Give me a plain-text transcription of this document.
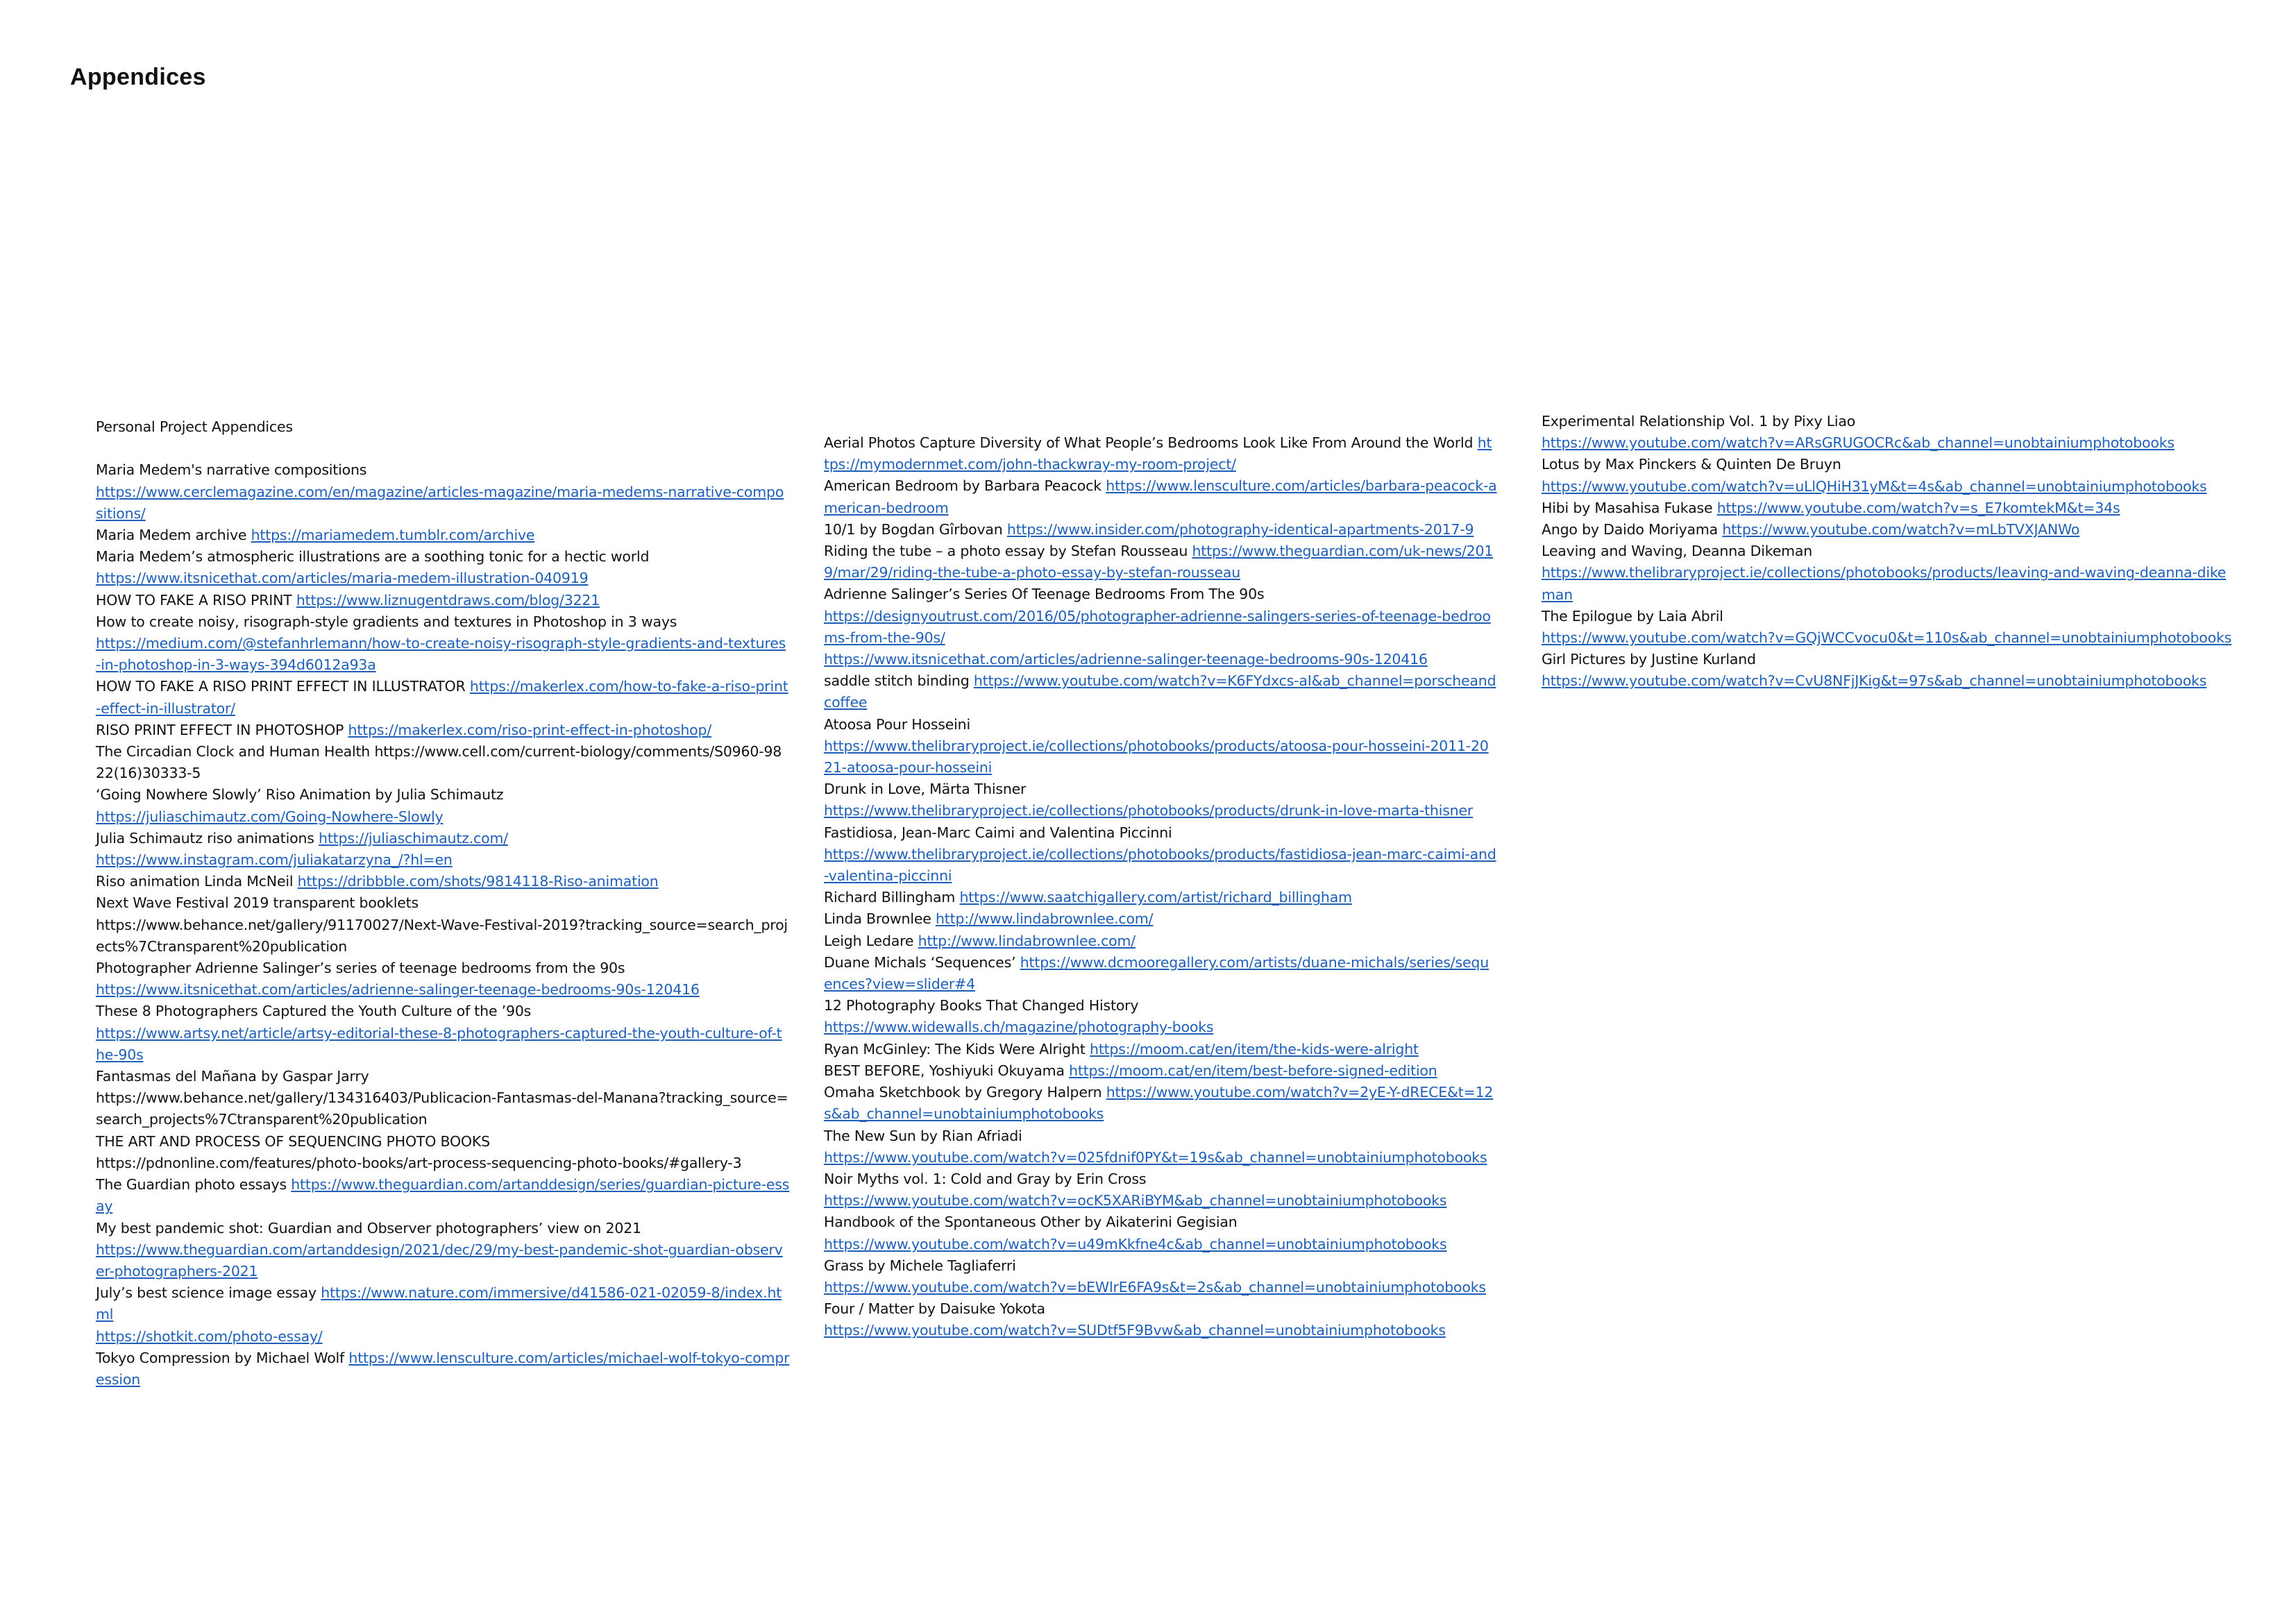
Appendices
Personal Project Appendices
Maria Medem's narrative compositions
https://www.cerclemagazine.com/en/magazine/articles-magazine/maria-medems-narrative-compositions/
Maria Medem archive https://mariamedem.tumblr.com/archive
Maria Medem’s atmospheric illustrations are a soothing tonic for a hectic world
https://www.itsnicethat.com/articles/maria-medem-illustration-040919
HOW TO FAKE A RISO PRINT https://www.liznugentdraws.com/blog/3221
How to create noisy, risograph-style gradients and textures in Photoshop in 3 ways
https://medium.com/@stefanhrlemann/how-to-create-noisy-risograph-style-gradients-and-textures-in-photoshop-in-3-ways-394d6012a93a
HOW TO FAKE A RISO PRINT EFFECT IN ILLUSTRATOR https://makerlex.com/how-to-fake-a-riso-print-effect-in-illustrator/
RISO PRINT EFFECT IN PHOTOSHOP https://makerlex.com/riso-print-effect-in-photoshop/
The Circadian Clock and Human Health https://www.cell.com/current-biology/comments/S0960-9822(16)30333-5
‘Going Nowhere Slowly’ Riso Animation by Julia Schimautz
https://juliaschimautz.com/Going-Nowhere-Slowly
Julia Schimautz riso animations https://juliaschimautz.com/
https://www.instagram.com/juliakatarzyna_/?hl=en
Riso animation Linda McNeil https://dribbble.com/shots/9814118-Riso-animation
Next Wave Festival 2019 transparent booklets
https://www.behance.net/gallery/91170027/Next-Wave-Festival-2019?tracking_source=search_projects%7Ctransparent%20publication
Photographer Adrienne Salinger’s series of teenage bedrooms from the 90s
https://www.itsnicethat.com/articles/adrienne-salinger-teenage-bedrooms-90s-120416
These 8 Photographers Captured the Youth Culture of the ’90s
https://www.artsy.net/article/artsy-editorial-these-8-photographers-captured-the-youth-culture-of-the-90s
Fantasmas del Mañana by Gaspar Jarry
https://www.behance.net/gallery/134316403/Publicacion-Fantasmas-del-Manana?tracking_source=search_projects%7Ctransparent%20publication
THE ART AND PROCESS OF SEQUENCING PHOTO BOOKS
https://pdnonline.com/features/photo-books/art-process-sequencing-photo-books/#gallery-3
The Guardian photo essays https://www.theguardian.com/artanddesign/series/guardian-picture-essay
My best pandemic shot: Guardian and Observer photographers’ view on 2021
https://www.theguardian.com/artanddesign/2021/dec/29/my-best-pandemic-shot-guardian-observer-photographers-2021
July’s best science image essay https://www.nature.com/immersive/d41586-021-02059-8/index.html
https://shotkit.com/photo-essay/
Tokyo Compression by Michael Wolf https://www.lensculture.com/articles/michael-wolf-tokyo-compression
Aerial Photos Capture Diversity of What People’s Bedrooms Look Like From Around the World https://mymodernmet.com/john-thackwray-my-room-project/
American Bedroom by Barbara Peacock https://www.lensculture.com/articles/barbara-peacock-american-bedroom
10/1 by Bogdan Gîrbovan https://www.insider.com/photography-identical-apartments-2017-9
Riding the tube – a photo essay by Stefan Rousseau https://www.theguardian.com/uk-news/2019/mar/29/riding-the-tube-a-photo-essay-by-stefan-rousseau
Adrienne Salinger’s Series Of Teenage Bedrooms From The 90s
https://designyoutrust.com/2016/05/photographer-adrienne-salingers-series-of-teenage-bedrooms-from-the-90s/
https://www.itsnicethat.com/articles/adrienne-salinger-teenage-bedrooms-90s-120416
saddle stitch binding https://www.youtube.com/watch?v=K6FYdxcs-aI&ab_channel=porscheandcoffee
Atoosa Pour Hosseini
https://www.thelibraryproject.ie/collections/photobooks/products/atoosa-pour-hosseini-2011-2021-atoosa-pour-hosseini
Drunk in Love, Märta Thisner
https://www.thelibraryproject.ie/collections/photobooks/products/drunk-in-love-marta-thisner
Fastidiosa, Jean-Marc Caimi and Valentina Piccinni
https://www.thelibraryproject.ie/collections/photobooks/products/fastidiosa-jean-marc-caimi-and-valentina-piccinni
Richard Billingham https://www.saatchigallery.com/artist/richard_billingham
Linda Brownlee http://www.lindabrownlee.com/
Leigh Ledare http://www.lindabrownlee.com/
Duane Michals ‘Sequences’ https://www.dcmooregallery.com/artists/duane-michals/series/sequences?view=slider#4
12 Photography Books That Changed History
https://www.widewalls.ch/magazine/photography-books
Ryan McGinley: The Kids Were Alright https://moom.cat/en/item/the-kids-were-alright
BEST BEFORE, Yoshiyuki Okuyama https://moom.cat/en/item/best-before-signed-edition
Omaha Sketchbook by Gregory Halpern https://www.youtube.com/watch?v=2yE-Y-dRECE&t=12s&ab_channel=unobtainiumphotobooks
The New Sun by Rian Afriadi
https://www.youtube.com/watch?v=025fdnif0PY&t=19s&ab_channel=unobtainiumphotobooks
Noir Myths vol. 1: Cold and Gray by Erin Cross
https://www.youtube.com/watch?v=ocK5XARiBYM&ab_channel=unobtainiumphotobooks
Handbook of the Spontaneous Other by Aikaterini Gegisian
https://www.youtube.com/watch?v=u49mKkfne4c&ab_channel=unobtainiumphotobooks
Grass by Michele Tagliaferri
https://www.youtube.com/watch?v=bEWlrE6FA9s&t=2s&ab_channel=unobtainiumphotobooks
Four / Matter by Daisuke Yokota
https://www.youtube.com/watch?v=SUDtf5F9Bvw&ab_channel=unobtainiumphotobooks
Experimental Relationship Vol. 1 by Pixy Liao
https://www.youtube.com/watch?v=ARsGRUGOCRc&ab_channel=unobtainiumphotobooks
Lotus by Max Pinckers & Quinten De Bruyn
https://www.youtube.com/watch?v=uLlQHiH31yM&t=4s&ab_channel=unobtainiumphotobooks
Hibi by Masahisa Fukase https://www.youtube.com/watch?v=s_E7komtekM&t=34s
Ango by Daido Moriyama https://www.youtube.com/watch?v=mLbTVXJANWo
Leaving and Waving, Deanna Dikeman
https://www.thelibraryproject.ie/collections/photobooks/products/leaving-and-waving-deanna-dikeman
The Epilogue by Laia Abril
https://www.youtube.com/watch?v=GQjWCCvocu0&t=110s&ab_channel=unobtainiumphotobooks
Girl Pictures by Justine Kurland
https://www.youtube.com/watch?v=CvU8NFjJKig&t=97s&ab_channel=unobtainiumphotobooks
